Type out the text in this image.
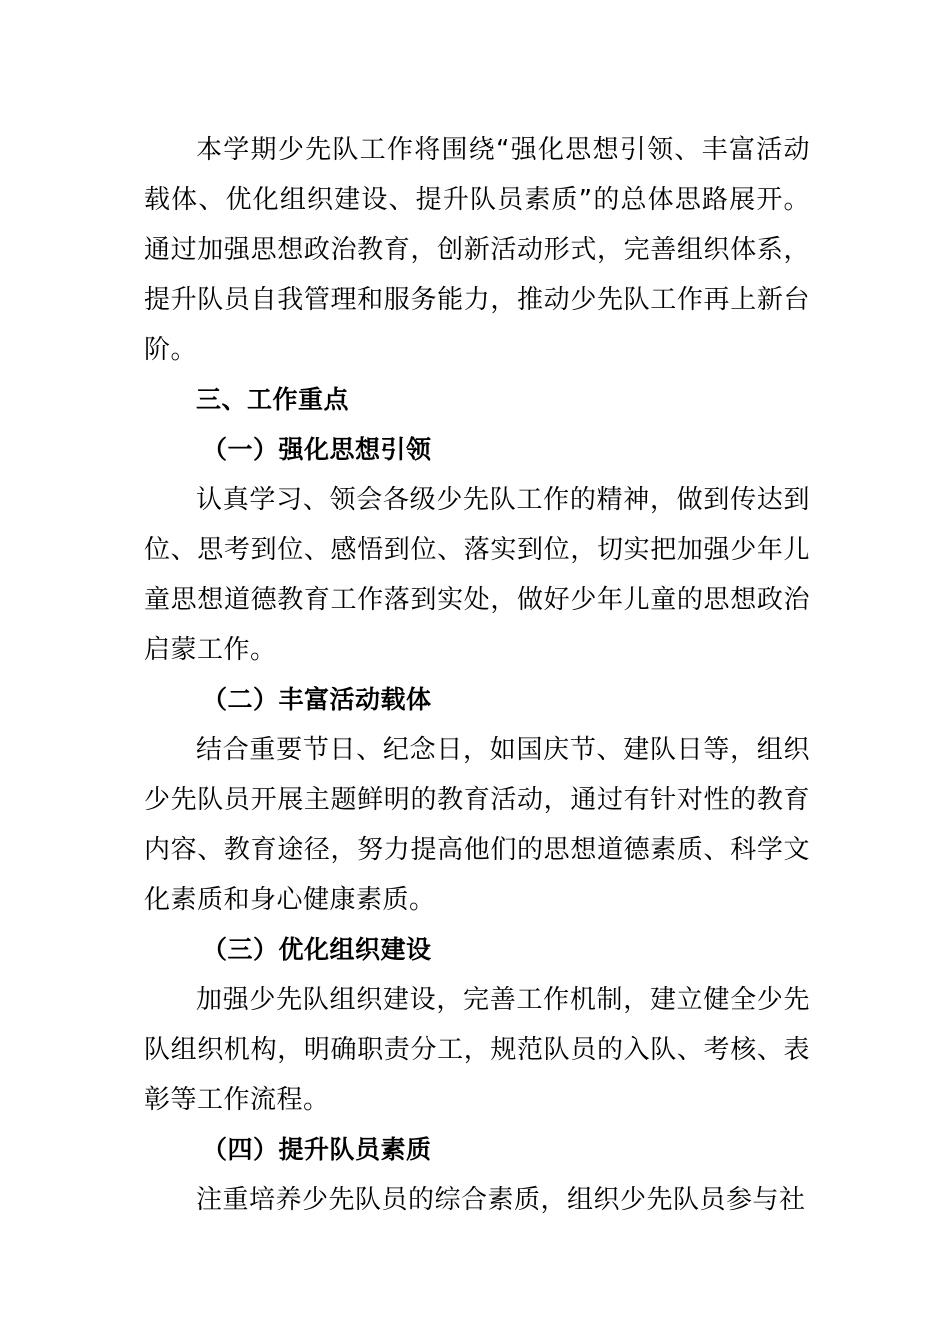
本学期少先队工作将围绕“强化思想引领、丰富活动载体、优化组织建设、提升队员素质”的总体思路展开。通过加强思想政治教育，创新活动形式，完善组织体系，提升队员自我管理和服务能力，推动少先队工作再上新台阶。

三、工作重点

（一）强化思想引领

认真学习、领会各级少先队工作的精神，做到传达到位、思考到位、感悟到位、落实到位，切实把加强少年儿童思想道德教育工作落到实处，做好少年儿童的思想政治启蒙工作。

（二）丰富活动载体

结合重要节日、纪念日，如国庆节、建队日等，组织少先队员开展主题鲜明的教育活动，通过有针对性的教育内容、教育途径，努力提高他们的思想道德素质、科学文化素质和身心健康素质。

（三）优化组织建设

加强少先队组织建设，完善工作机制，建立健全少先队组织机构，明确职责分工，规范队员的入队、考核、表彰等工作流程。

（四）提升队员素质

注重培养少先队员的综合素质，组织少先队员参与社
